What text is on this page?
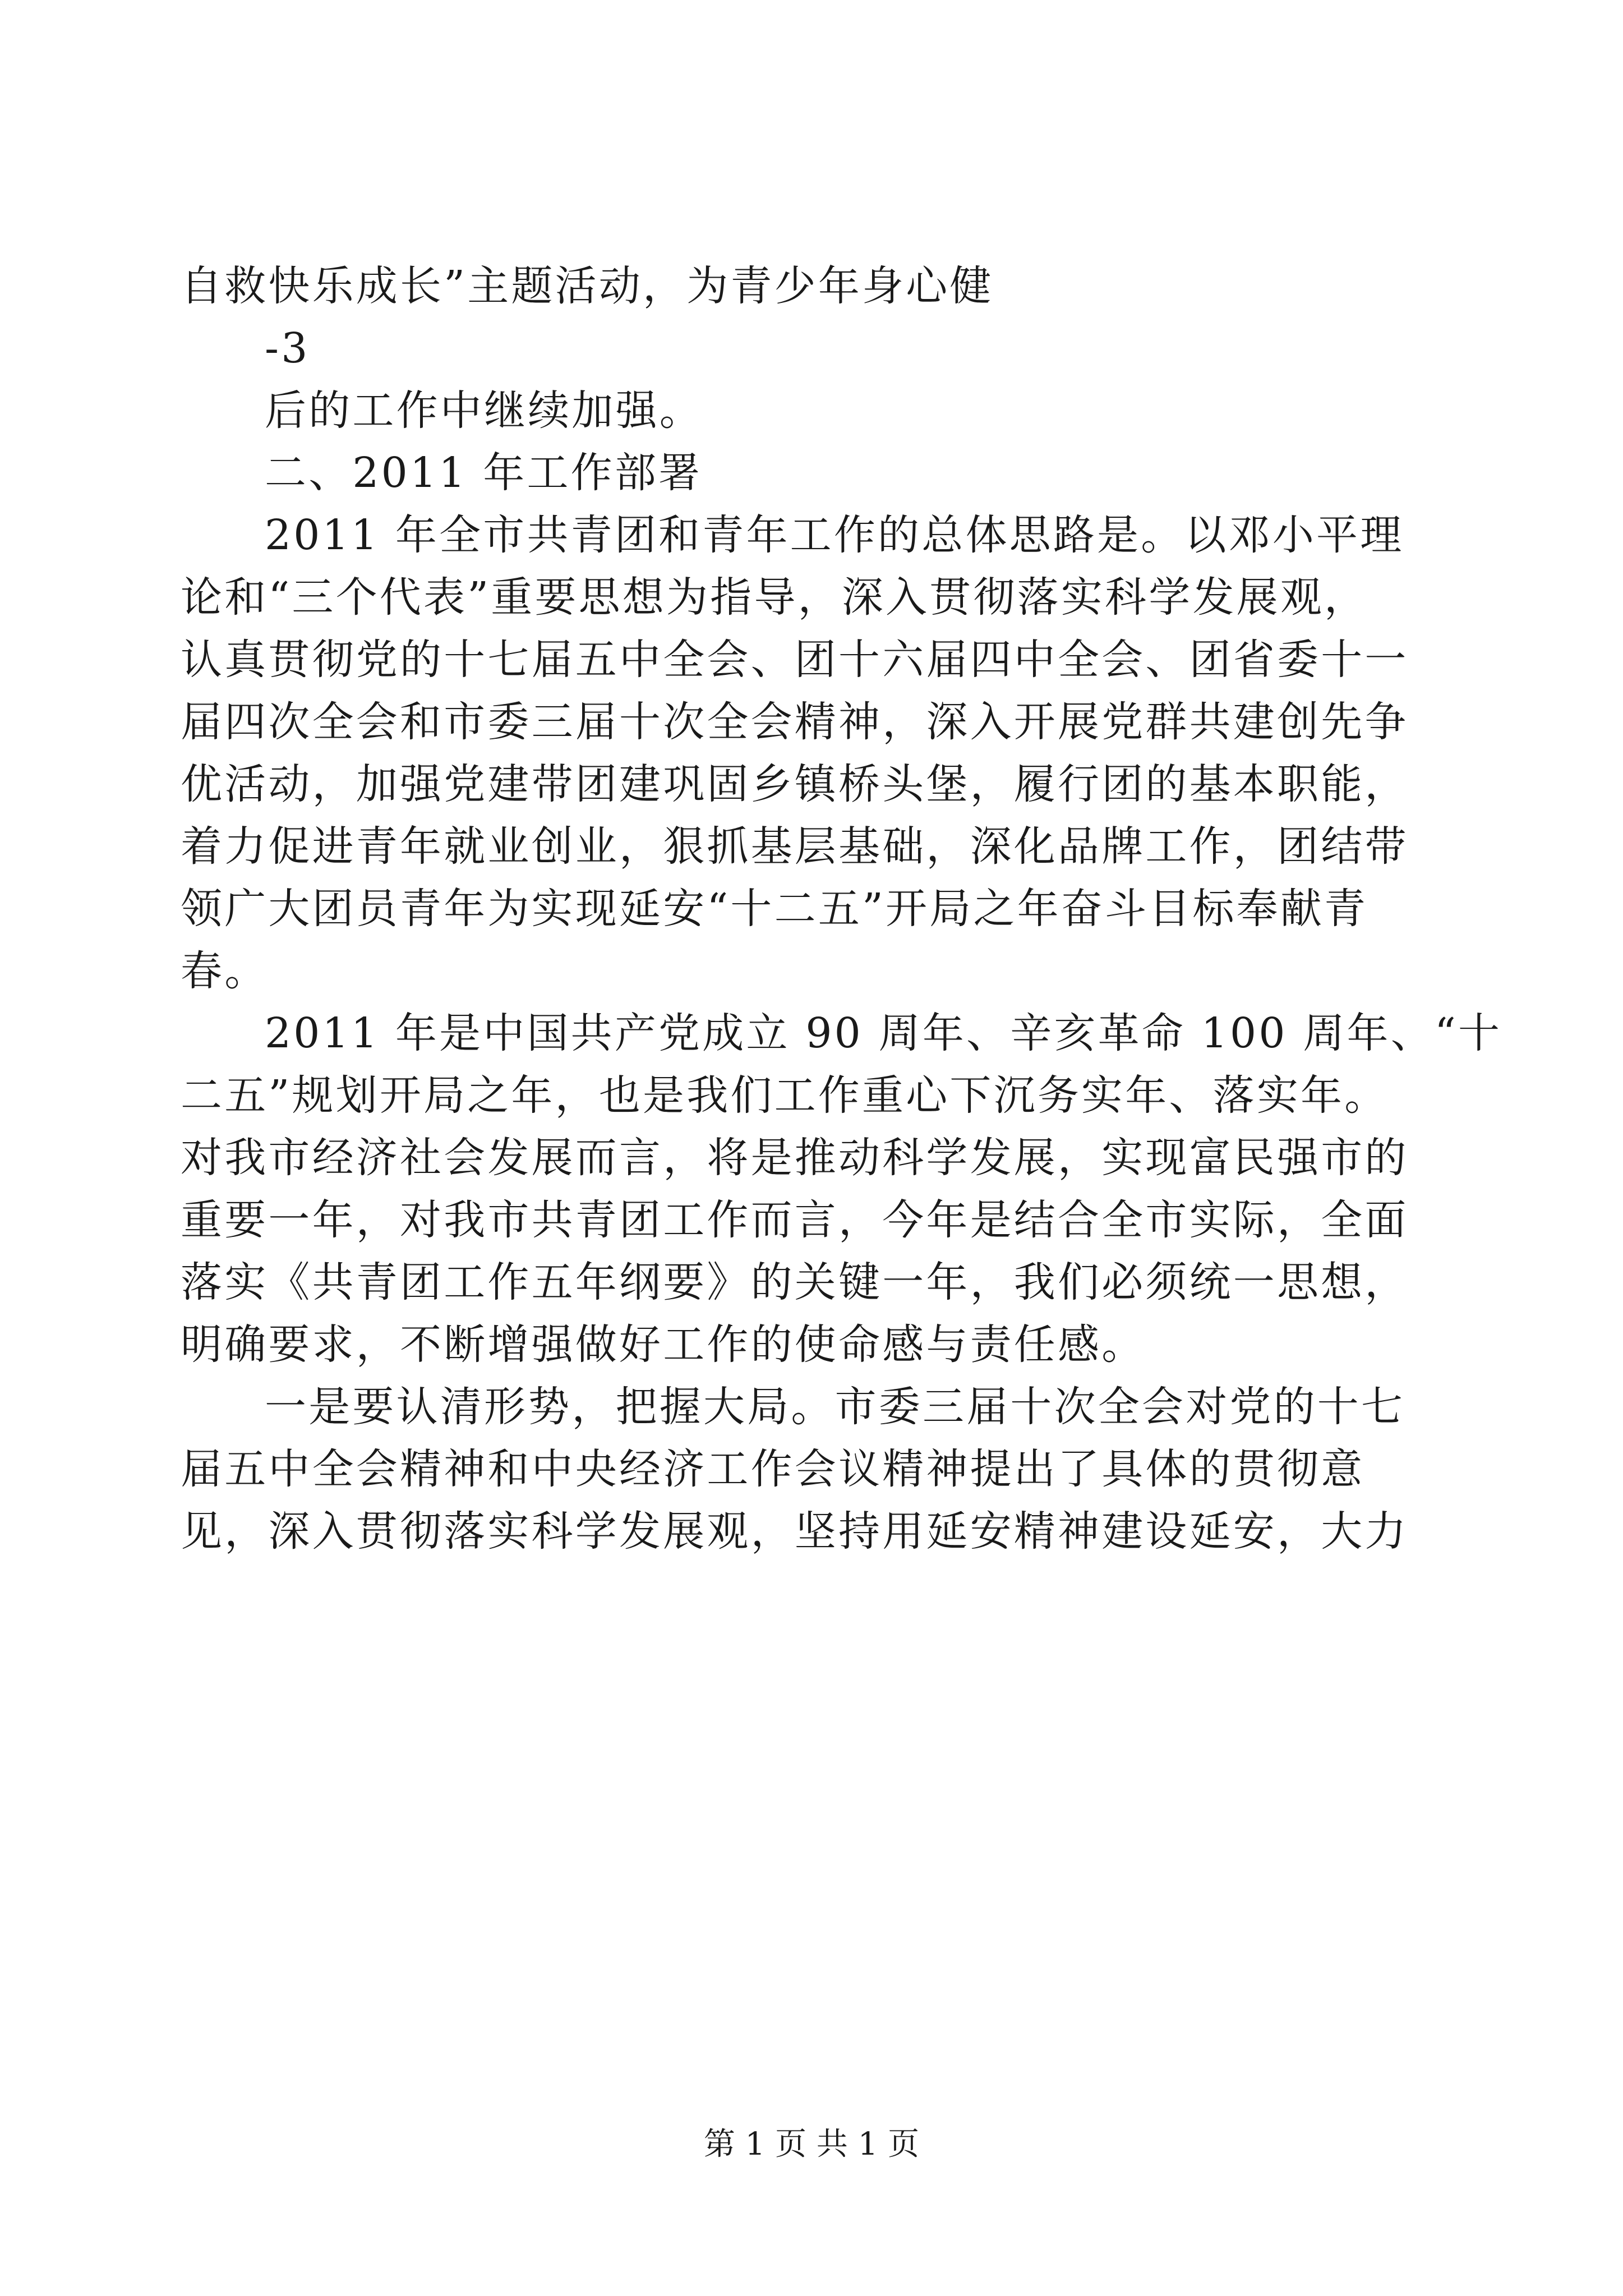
自救快乐成长”主题活动，为青少年身心健
-3
后的工作中继续加强。
二、2011 年工作部署
2011 年全市共青团和青年工作的总体思路是。以邓小平理
论和“三个代表”重要思想为指导，深入贯彻落实科学发展观，
认真贯彻党的十七届五中全会、团十六届四中全会、团省委十一
届四次全会和市委三届十次全会精神，深入开展党群共建创先争
优活动，加强党建带团建巩固乡镇桥头堡，履行团的基本职能，
着力促进青年就业创业，狠抓基层基础，深化品牌工作，团结带
领广大团员青年为实现延安“十二五”开局之年奋斗目标奉献青
春。
2011 年是中国共产党成立 90 周年、辛亥革命 100 周年、“十
二五”规划开局之年，也是我们工作重心下沉务实年、落实年。
对我市经济社会发展而言，将是推动科学发展，实现富民强市的
重要一年，对我市共青团工作而言，今年是结合全市实际，全面
落实《共青团工作五年纲要》的关键一年，我们必须统一思想，
明确要求，不断增强做好工作的使命感与责任感。
一是要认清形势，把握大局。市委三届十次全会对党的十七
届五中全会精神和中央经济工作会议精神提出了具体的贯彻意
见，深入贯彻落实科学发展观，坚持用延安精神建设延安，大力
第 1 页 共 1 页
